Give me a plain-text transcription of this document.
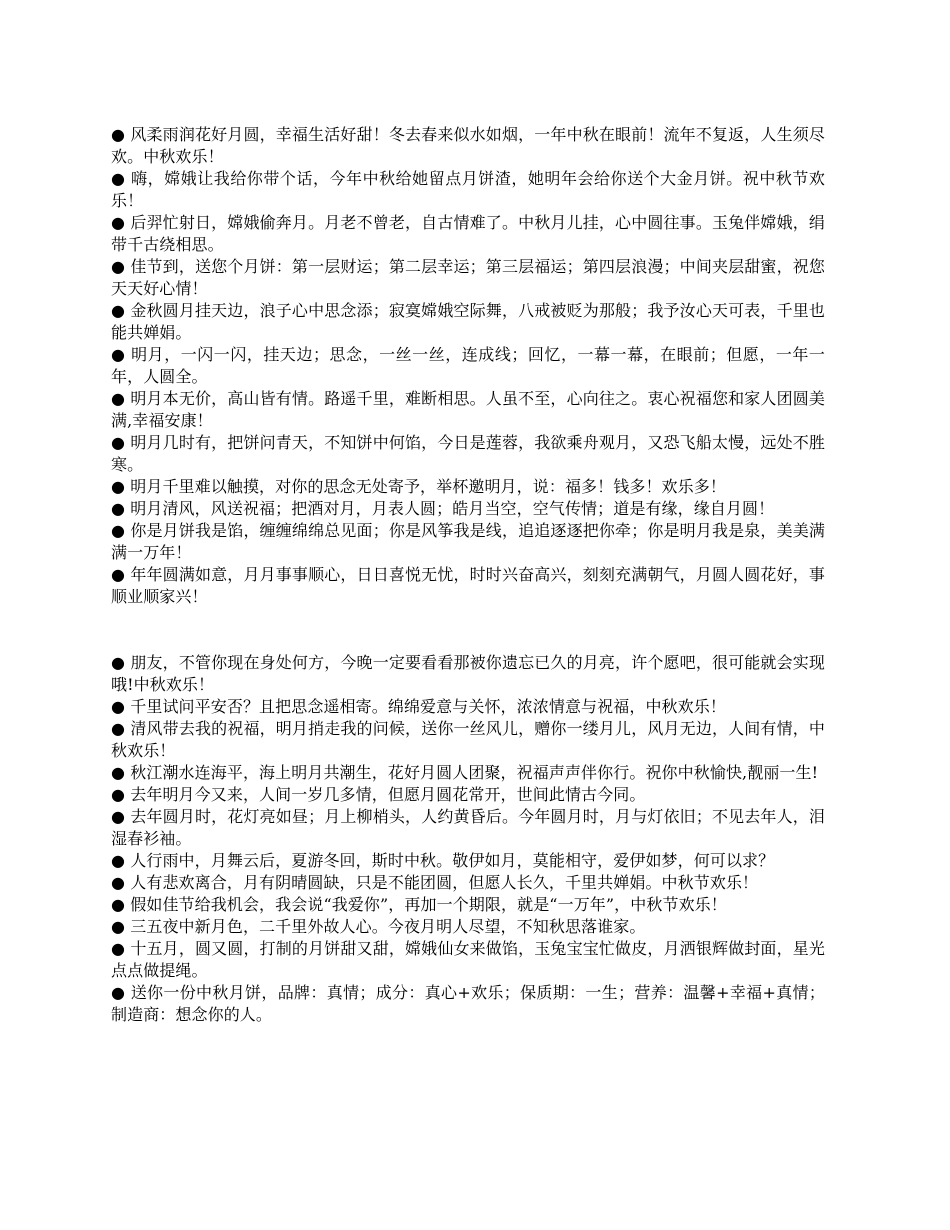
● 风柔雨润花好月圆，幸福生活好甜！冬去春来似水如烟，一年中秋在眼前！流年不复返，人生须尽欢。中秋欢乐！

● 嗨，嫦娥让我给你带个话，今年中秋给她留点月饼渣，她明年会给你送个大金月饼。祝中秋节欢乐！

● 后羿忙射日，嫦娥偷奔月。月老不曾老，自古情难了。中秋月儿挂，心中圆往事。玉兔伴嫦娥，绢带千古绕相思。

● 佳节到，送您个月饼：第一层财运；第二层幸运；第三层福运；第四层浪漫；中间夹层甜蜜，祝您天天好心情！

● 金秋圆月挂天边，浪子心中思念添；寂寞嫦娥空际舞，八戒被贬为那般；我予汝心天可表，千里也能共婵娟。

● 明月，一闪一闪，挂天边；思念，一丝一丝，连成线；回忆，一幕一幕，在眼前；但愿，一年一年，人圆全。

● 明月本无价，高山皆有情。路遥千里，难断相思。人虽不至，心向往之。衷心祝福您和家人团圆美满,幸福安康！

● 明月几时有，把饼问青天，不知饼中何馅，今日是莲蓉，我欲乘舟观月，又恐飞船太慢，远处不胜寒。

● 明月千里难以触摸，对你的思念无处寄予，举杯邀明月，说：福多！钱多！欢乐多！

● 明月清风，风送祝福；把酒对月，月表人圆；皓月当空，空气传情；道是有缘，缘自月圆！

● 你是月饼我是馅，缠缠绵绵总见面；你是风筝我是线，追追逐逐把你牵；你是明月我是泉，美美满满一万年！

● 年年圆满如意，月月事事顺心，日日喜悦无忧，时时兴奋高兴，刻刻充满朝气，月圆人圆花好，事顺业顺家兴！

● 朋友，不管你现在身处何方，今晚一定要看看那被你遗忘已久的月亮，许个愿吧，很可能就会实现哦!中秋欢乐！

● 千里试问平安否？且把思念遥相寄。绵绵爱意与关怀，浓浓情意与祝福，中秋欢乐！

● 清风带去我的祝福，明月捎走我的问候，送你一丝风儿，赠你一缕月儿，风月无边，人间有情，中秋欢乐！

● 秋江潮水连海平，海上明月共潮生，花好月圆人团聚，祝福声声伴你行。祝你中秋愉快,靓丽一生!

● 去年明月今又来，人间一岁几多情，但愿月圆花常开，世间此情古今同。

● 去年圆月时，花灯亮如昼；月上柳梢头，人约黄昏后。今年圆月时，月与灯依旧；不见去年人，泪湿春衫袖。

● 人行雨中，月舞云后，夏游冬回，斯时中秋。敬伊如月，莫能相守，爱伊如梦，何可以求？

● 人有悲欢离合，月有阴晴圆缺，只是不能团圆，但愿人长久，千里共婵娟。中秋节欢乐！

● 假如佳节给我机会，我会说“我爱你”，再加一个期限，就是“一万年”，中秋节欢乐！

● 三五夜中新月色，二千里外故人心。今夜月明人尽望，不知秋思落谁家。

● 十五月，圆又圆，打制的月饼甜又甜，嫦娥仙女来做馅，玉兔宝宝忙做皮，月洒银辉做封面，星光点点做提绳。

● 送你一份中秋月饼，品牌：真情；成分：真心+欢乐；保质期：一生；营养：温馨+幸福+真情；制造商：想念你的人。
